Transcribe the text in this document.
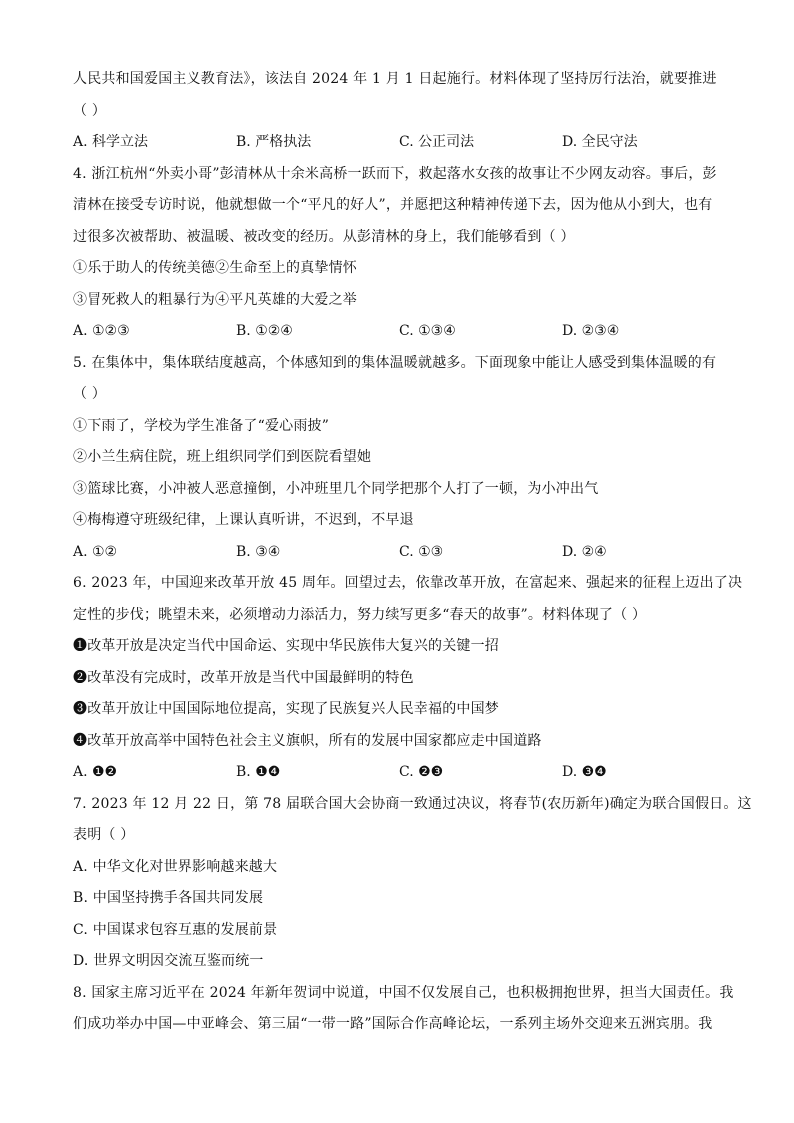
人民共和国爱国主义教育法》，该法自 2024 年 1 月 1 日起施行。材料体现了坚持厉行法治，就要推进
（ ）
A. 科学立法	B. 严格执法	C. 公正司法	D. 全民守法
4. 浙江杭州“外卖小哥”彭清林从十余米高桥一跃而下，救起落水女孩的故事让不少网友动容。事后，彭
清林在接受专访时说，他就想做一个“平凡的好人”，并愿把这种精神传递下去，因为他从小到大，也有
过很多次被帮助、被温暖、被改变的经历。从彭清林的身上，我们能够看到（ ）
①乐于助人的传统美德②生命至上的真挚情怀
③冒死救人的粗暴行为④平凡英雄的大爱之举
A. ①②③	B. ①②④	C. ①③④	D. ②③④
5. 在集体中，集体联结度越高，个体感知到的集体温暖就越多。下面现象中能让人感受到集体温暖的有
（ ）
①下雨了，学校为学生准备了“爱心雨披”
②小兰生病住院，班上组织同学们到医院看望她
③篮球比赛，小冲被人恶意撞倒，小冲班里几个同学把那个人打了一顿，为小冲出气
④梅梅遵守班级纪律，上课认真听讲，不迟到，不早退
A. ①②	B. ③④	C. ①③	D. ②④
6. 2023 年，中国迎来改革开放 45 周年。回望过去，依靠改革开放，在富起来、强起来的征程上迈出了决
定性的步伐；眺望未来，必须增动力添活力，努力续写更多“春天的故事”。材料体现了（ ）
❶改革开放是决定当代中国命运、实现中华民族伟大复兴的关键一招
❷改革没有完成时，改革开放是当代中国最鲜明的特色
❸改革开放让中国国际地位提高，实现了民族复兴人民幸福的中国梦
❹改革开放高举中国特色社会主义旗帜，所有的发展中国家都应走中国道路
A. ❶❷	B. ❶❹	C. ❷❸	D. ❸❹
7. 2023 年 12 月 22 日，第 78 届联合国大会协商一致通过决议，将春节(农历新年)确定为联合国假日。这
表明（ ）
A. 中华文化对世界影响越来越大
B. 中国坚持携手各国共同发展
C. 中国谋求包容互惠的发展前景
D. 世界文明因交流互鉴而统一
8. 国家主席习近平在 2024 年新年贺词中说道，中国不仅发展自己，也积极拥抱世界，担当大国责任。我
们成功举办中国—中亚峰会、第三届“一带一路”国际合作高峰论坛，一系列主场外交迎来五洲宾朋。我
